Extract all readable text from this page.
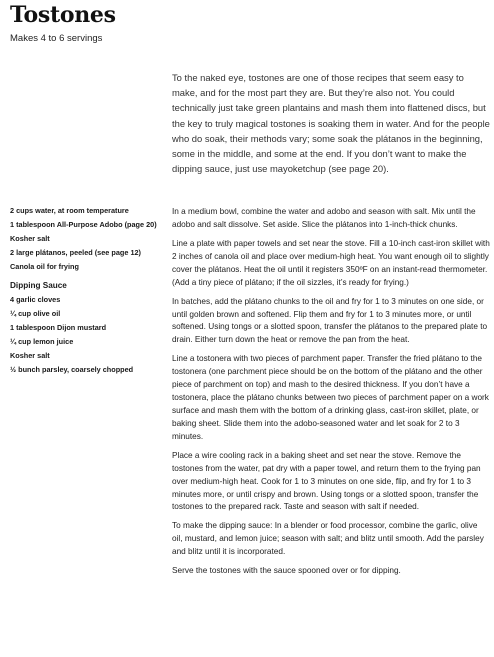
Tostones

Makes 4 to 6 servings

To the naked eye, tostones are one of those recipes that seem easy to make, and for the most part they are. But they’re also not. You could technically just take green plantains and mash them into flattened discs, but the key to truly magical tostones is soaking them in water. And for the people who do soak, their methods vary; some soak the plátanos in the beginning, some in the middle, and some at the end. If you don’t want to make the dipping sauce, just use mayoketchup (see page 20).

2 cups water, at room temperature
1 tablespoon All-Purpose Adobo (page 20)
Kosher salt
2 large plátanos, peeled (see page 12)
Canola oil for frying
Dipping Sauce
4 garlic cloves
¼ cup olive oil
1 tablespoon Dijon mustard
¼ cup lemon juice
Kosher salt
½ bunch parsley, coarsely chopped

In a medium bowl, combine the water and adobo and season with salt. Mix until the adobo and salt dissolve. Set aside. Slice the plátanos into 1-inch-thick chunks.

Line a plate with paper towels and set near the stove. Fill a 10-inch cast-iron skillet with 2 inches of canola oil and place over medium-high heat. You want enough oil to slightly cover the plátanos. Heat the oil until it registers 350ºF on an instant-read thermometer. (Add a tiny piece of plátano; if the oil sizzles, it’s ready for frying.)

In batches, add the plátano chunks to the oil and fry for 1 to 3 minutes on one side, or until golden brown and softened. Flip them and fry for 1 to 3 minutes more, or until softened. Using tongs or a slotted spoon, transfer the plátanos to the prepared plate to drain. Either turn down the heat or remove the pan from the heat.

Line a tostonera with two pieces of parchment paper. Transfer the fried plátano to the tostonera (one parchment piece should be on the bottom of the plátano and the other piece of parchment on top) and mash to the desired thickness. If you don’t have a tostonera, place the plátano chunks between two pieces of parchment paper on a work surface and mash them with the bottom of a drinking glass, cast-iron skillet, plate, or baking sheet. Slide them into the adobo-seasoned water and let soak for 2 to 3 minutes.

Place a wire cooling rack in a baking sheet and set near the stove. Remove the tostones from the water, pat dry with a paper towel, and return them to the frying pan over medium-high heat. Cook for 1 to 3 minutes on one side, flip, and fry for 1 to 3 minutes more, or until crispy and brown. Using tongs or a slotted spoon, transfer the tostones to the prepared rack. Taste and season with salt if needed.

To make the dipping sauce: In a blender or food processor, combine the garlic, olive oil, mustard, and lemon juice; season with salt; and blitz until smooth. Add the parsley and blitz until it is incorporated.

Serve the tostones with the sauce spooned over or for dipping.
